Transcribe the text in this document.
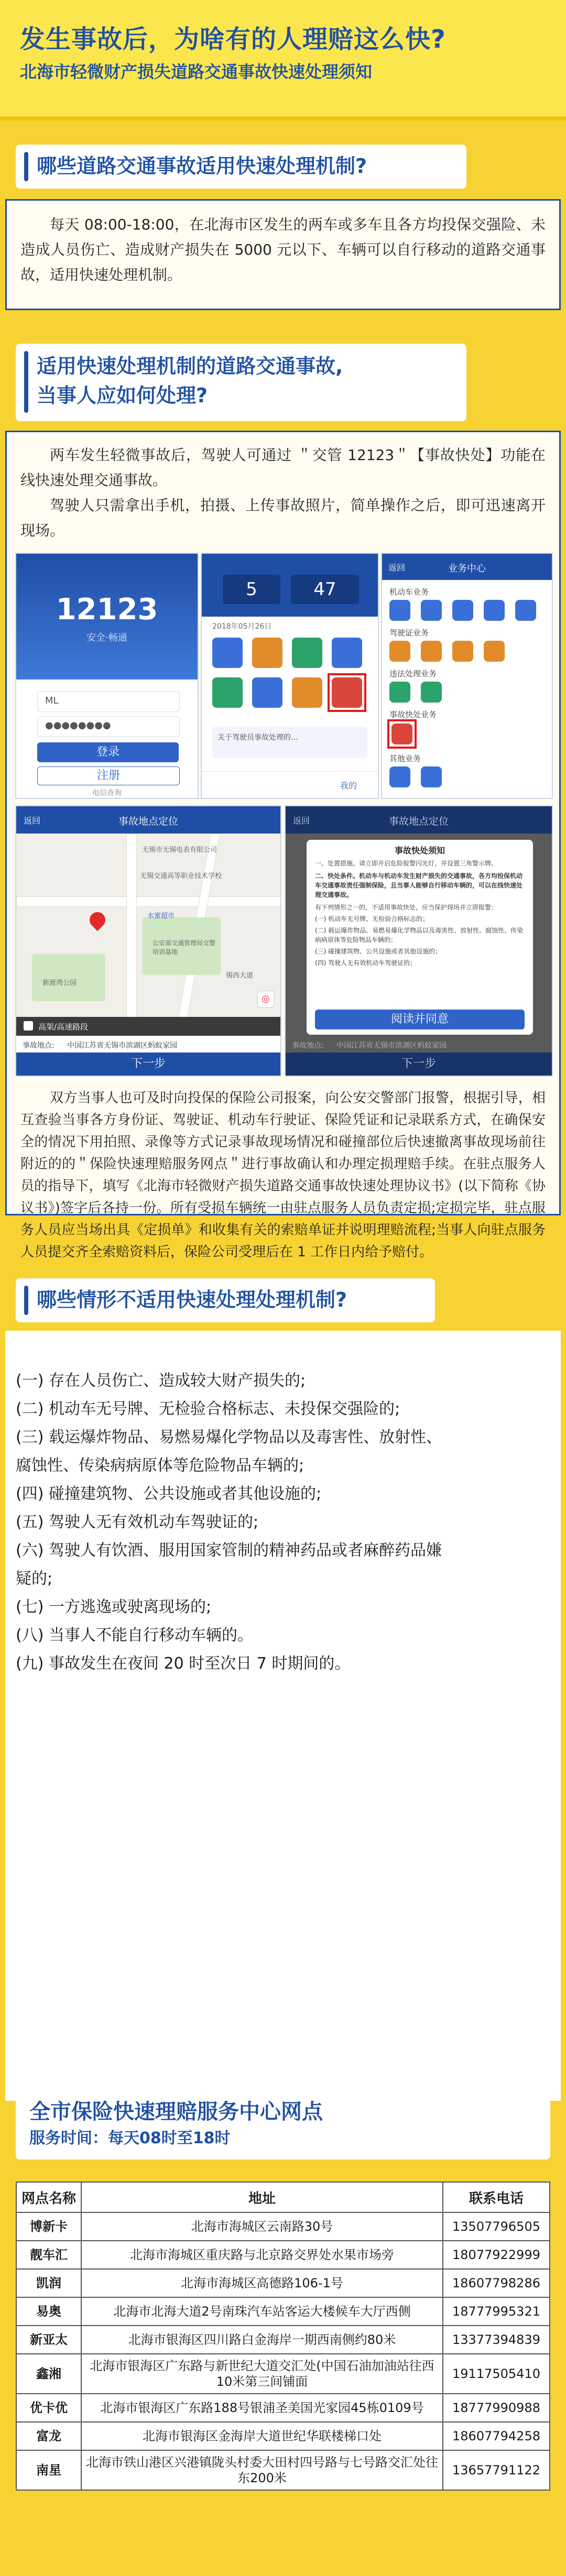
发生事故后，为啥有的人理赔这么快?
北海市轻微财产损失道路交通事故快速处理须知
哪些道路交通事故适用快速处理机制?
每天 08:00-18:00，在北海市区发生的两车或多车且各方均投保交强险、未造成人员伤亡、造成财产损失在 5000 元以下、车辆可以自行移动的道路交通事故，适用快速处理机制。
适用快速处理机制的道路交通事故,
当事人应如何处理?
两车发生轻微事故后，驾驶人可通过 ＂交管 12123＂【事故快处】功能在线快速处理交通事故。
驾驶人只需拿出手机，拍摄、上传事故照片，简单操作之后，即可迅速离开现场。
12123
安全·畅通
ML
●●●●●●●●
登录
注册
电信查询
5	47
2018年05月26日
关于驾驶员事故处理的…
我的
返回	业务中心
机动车业务
驾驶证业务
违法处理业务
事故快处业务
其他业务
返回	事故地点定位
无锡市无锡电表有限公司
无锡交通高等职业技术学校
水蜜超市
公安部交通管理局交警培训基地
新渡湾公园
锡西大道
◎
高架/高速路段
事故地点: 中国江苏省无锡市滨湖区蚂蚁家园
下一步
返回	事故地点定位
事故快处须知
一、处置措施。请立即开启危险报警闪光灯，并设置三角警示牌。
二、快处条件。机动车与机动车发生财产损失的交通事故，各方均投保机动车交通事故责任强制保险，且当事人能够自行移动车辆的，可以在线快速处理交通事故。
有下列情形之一的，不适用事故快处，应当保护现场并立即报警：
(一) 机动车无号牌、无检验合格标志的；
(二) 载运爆炸物品、易燃易爆化学物品以及毒害性、放射性、腐蚀性、传染病病原体等危险物品车辆的；
(三) 碰撞建筑物、公共设施或者其他设施的；
(四) 驾驶人无有效机动车驾驶证的；
阅读并同意
事故地点: 中国江苏省无锡市滨湖区蚂蚁家园
下一步
双方当事人也可及时向投保的保险公司报案，向公安交警部门报警，根据引导，相互查验当事各方身份证、驾驶证、机动车行驶证、保险凭证和记录联系方式，在确保安全的情况下用拍照、录像等方式记录事故现场情况和碰撞部位后快速撤离事故现场前往附近的的＂保险快速理赔服务网点＂进行事故确认和办理定损理赔手续。在驻点服务人员的指导下，填写《北海市轻微财产损失道路交通事故快速处理协议书》(以下简称《协议书》)签字后各持一份。所有受损车辆统一由驻点服务人员负责定损;定损完毕，驻点服务人员应当场出具《定损单》和收集有关的索赔单证并说明理赔流程;当事人向驻点服务人员提交齐全索赔资料后，保险公司受理后在 1 工作日内给予赔付。
哪些情形不适用快速处理处理机制?
(一) 存在人员伤亡、造成较大财产损失的;
(二) 机动车无号牌、无检验合格标志、未投保交强险的;
(三) 载运爆炸物品、易燃易爆化学物品以及毒害性、放射性、
腐蚀性、传染病病原体等危险物品车辆的;
(四) 碰撞建筑物、公共设施或者其他设施的;
(五) 驾驶人无有效机动车驾驶证的;
(六) 驾驶人有饮酒、服用国家管制的精神药品或者麻醉药品嫌
疑的;
(七) 一方逃逸或驶离现场的;
(八) 当事人不能自行移动车辆的。
(九) 事故发生在夜间 20 时至次日 7 时期间的。
全市保险快速理赔服务中心网点
服务时间：每天08时至18时
网点名称	地址	联系电话
博新卡	北海市海城区云南路30号	13507796505
靓车汇	北海市海城区重庆路与北京路交界处水果市场旁	18077922999
凯润	北海市海城区高德路106-1号	18607798286
易奥	北海市北海大道2号南珠汽车站客运大楼候车大厅西侧	18777995321
新亚太	北海市银海区四川路白金海岸一期西南侧约80米	13377394839
鑫湘	北海市银海区广东路与新世纪大道交汇处(中国石油加油站往西10米第三间铺面	19117505410
优卡优	北海市银海区广东路188号银浦圣美国光家园45栋0109号	18777990988
富龙	北海市银海区金海岸大道世纪华联楼梯口处	18607794258
南星	北海市铁山港区兴港镇陇头村委大田村四号路与七号路交汇处往东200米	13657791122
